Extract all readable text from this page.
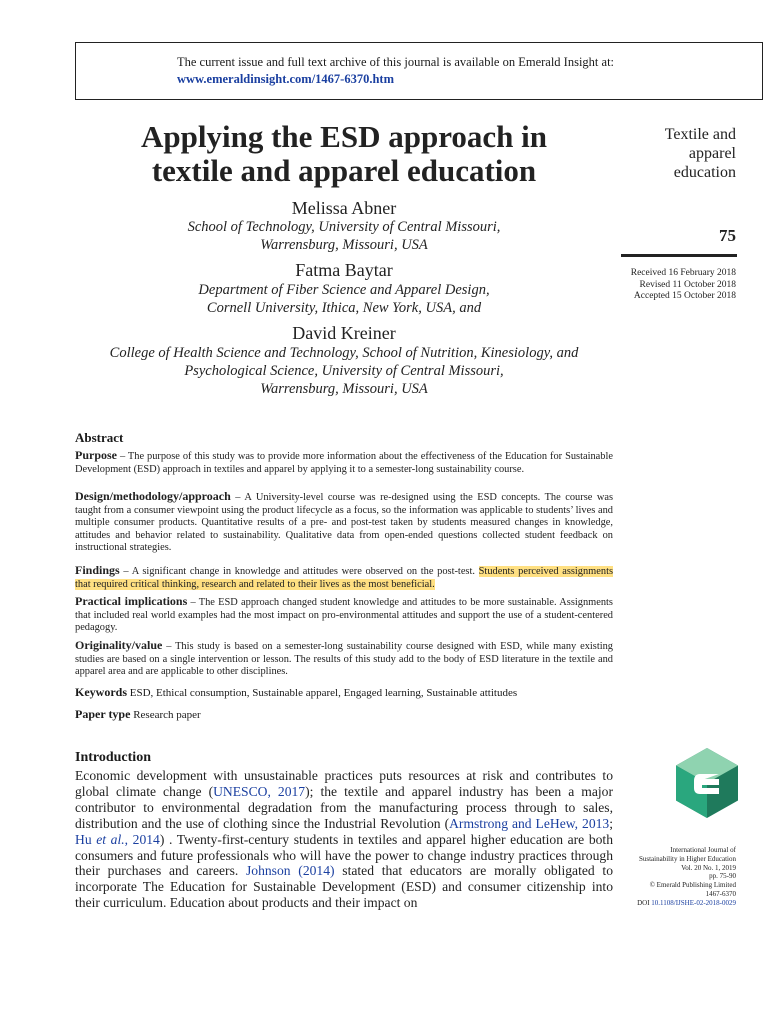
The current issue and full text archive of this journal is available on Emerald Insight at:
www.emeraldinsight.com/1467-6370.htm
Applying the ESD approach in
textile and apparel education
Melissa Abner
School of Technology, University of Central Missouri,
Warrensburg, Missouri, USA
Fatma Baytar
Department of Fiber Science and Apparel Design,
Cornell University, Ithica, New York, USA, and
David Kreiner
College of Health Science and Technology, School of Nutrition, Kinesiology, and
Psychological Science, University of Central Missouri,
Warrensburg, Missouri, USA
Textile and
apparel
education
75
Received 16 February 2018
Revised 11 October 2018
Accepted 15 October 2018
Abstract
Purpose – The purpose of this study was to provide more information about the effectiveness of the Education for Sustainable Development (ESD) approach in textiles and apparel by applying it to a semester-long sustainability course.
Design/methodology/approach – A University-level course was re-designed using the ESD concepts. The course was taught from a consumer viewpoint using the product lifecycle as a focus, so the information was applicable to students’ lives and multiple consumer products. Quantitative results of a pre- and post-test taken by students measured changes in knowledge, attitudes and behavior related to sustainability. Qualitative data from open-ended questions collected student feedback on instructional strategies.
Findings – A significant change in knowledge and attitudes were observed on the post-test. Students perceived assignments that required critical thinking, research and related to their lives as the most beneficial.
Practical implications – The ESD approach changed student knowledge and attitudes to be more sustainable. Assignments that included real world examples had the most impact on pro-environmental attitudes and support the use of a student-centered pedagogy.
Originality/value – This study is based on a semester-long sustainability course designed with ESD, while many existing studies are based on a single intervention or lesson. The results of this study add to the body of ESD literature in the textile and apparel area and are applicable to other disciplines.
Keywords ESD, Ethical consumption, Sustainable apparel, Engaged learning, Sustainable attitudes
Paper type Research paper
Introduction
Economic development with unsustainable practices puts resources at risk and contributes to global climate change (UNESCO, 2017); the textile and apparel industry has been a major contributor to environmental degradation from the manufacturing process through to sales, distribution and the use of clothing since the Industrial Revolution (Armstrong and LeHew, 2013; Hu et al., 2014) . Twenty-first-century students in textiles and apparel higher education are both consumers and future professionals who will have the power to change industry practices through their purchases and careers. Johnson (2014) stated that educators are morally obligated to incorporate The Education for Sustainable Development (ESD) and consumer citizenship into their curriculum. Education about products and their impact on
International Journal of
Sustainability in Higher Education
Vol. 20 No. 1, 2019
pp. 75-90
© Emerald Publishing Limited
1467-6370
DOI 10.1108/IJSHE-02-2018-0029
